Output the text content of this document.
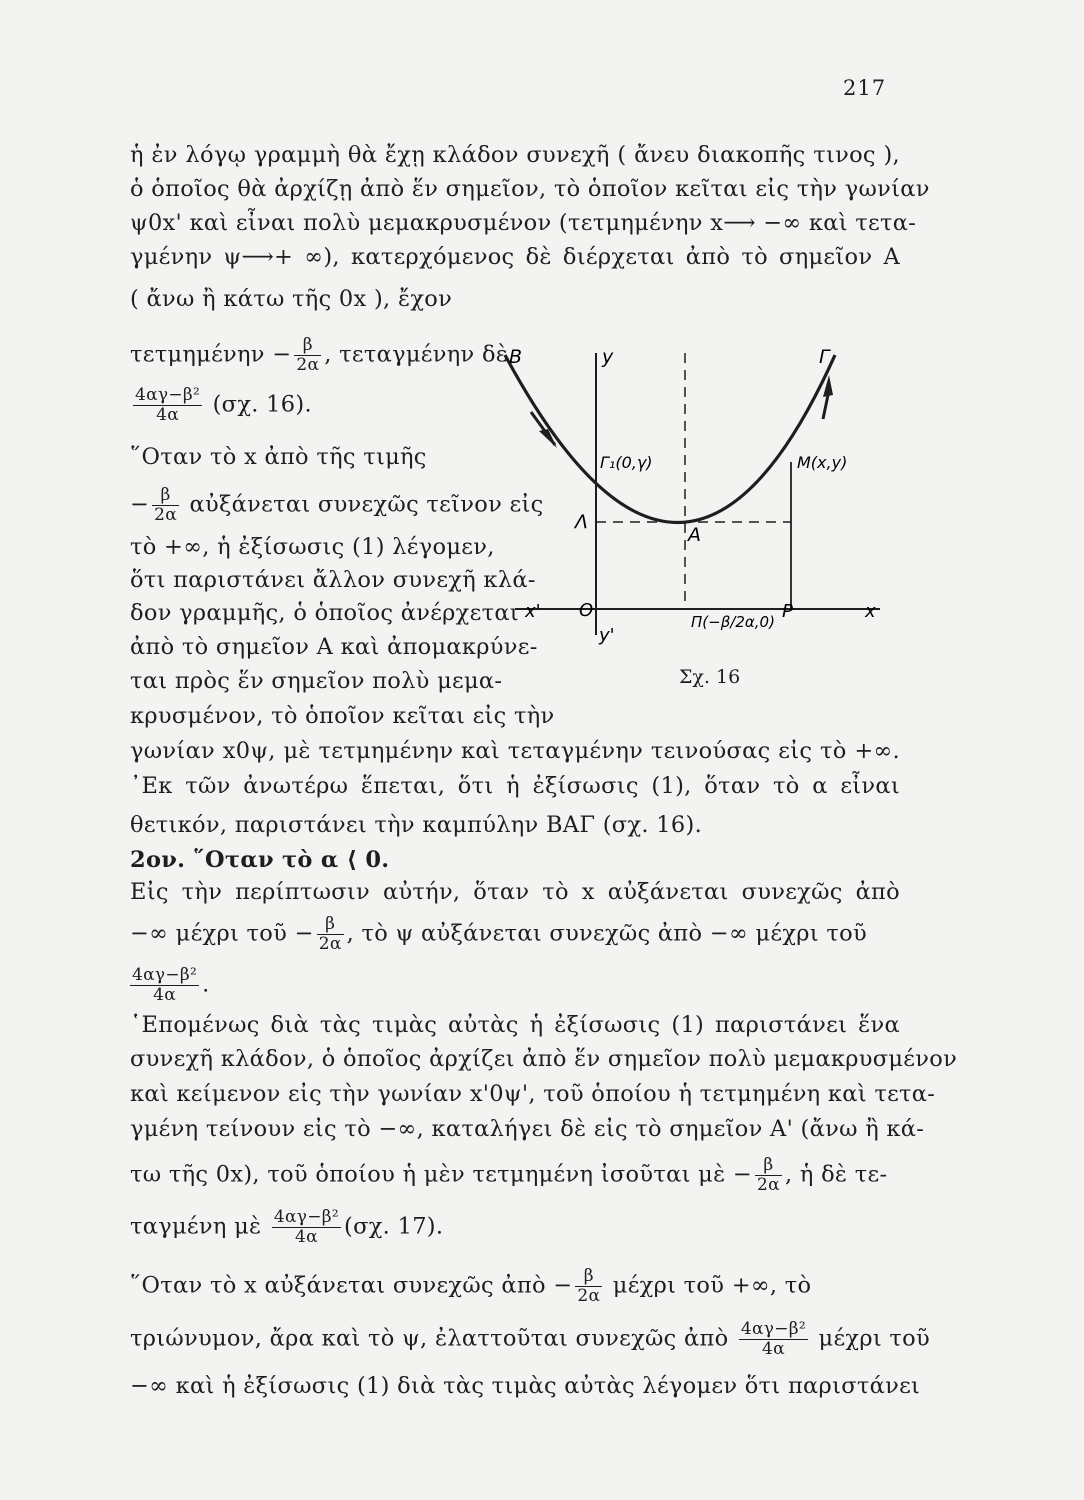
217
ἡ ἐν λόγῳ γραμμὴ θὰ ἔχῃ κλάδον συνεχῆ ( ἄνευ διακοπῆς τινος ),
ὁ ὁποῖος θὰ ἀρχίζῃ ἀπὸ ἕν σημεῖον, τὸ ὁποῖον κεῖται εἰς τὴν γωνίαν
ψ0x' καὶ εἶναι πολὺ μεμακρυσμένον (τετμημένην x⟶ −∞ καὶ τετα-
γμένην ψ⟶+ ∞), κατερχόμενος δὲ διέρχεται ἀπὸ τὸ σημεῖον Α
( ἄνω ἢ κάτω τῆς 0x ), ἔχον
$\tau\varepsilon\tau\mu\eta\mu έ\nu\eta\nu - \frac{\beta}{2\alpha}$ , τεταγμένην δὲ
$\frac{\text{4αγ−β²}}{4\alpha} (\sigma\chi$. 16).
῞Οταν τὸ x ἀπὸ τῆς τιμῆς
− $\frac{\beta}{2\alpha}$ αὐξάνεται συνεχῶς τεῖνον εἰς
τὸ +∞, ἡ ἐξίσωσις (1) λέγομεν,
ὅτι παριστάνει ἄλλον συνεχῆ κλά-
δον γραμμῆς, ὁ ὁποῖος ἀνέρχεται
ἀπὸ τὸ σημεῖον Α καὶ ἀπομακρύνε-
ται πρὸς ἕν σημεῖον πολὺ μεμα-
κρυσμένον, τὸ ὁποῖον κεῖται εἰς τὴν
γωνίαν x0ψ, μὲ τετμημένην καὶ τεταγμένην τεινούσας εἰς τὸ +∞.
᾿Εκ τῶν ἀνωτέρω ἕπεται, ὅτι ἡ ἐξίσωσις (1), ὅταν τὸ α εἶναι
θετικόν, παριστάνει τὴν καμπύλην ΒΑΓ (σχ. 16).
2ον. ῞Οταν τὸ α ⟨ 0.
Εἰς τὴν περίπτωσιν αὐτήν, ὅταν τὸ x αὐξάνεται συνεχῶς ἀπὸ
−∞ μέχρι τοῦ − $\frac{\beta}{2\alpha}$ , τὸ ψ αὐξάνεται συνεχῶς ἀπὸ −∞ μέχρι τοῦ
$\frac{\text{4αγ−β²}}{4\alpha}$ .
῾Επομένως διὰ τὰς τιμὰς αὐτὰς ἡ ἐξίσωσις (1) παριστάνει ἕνα
συνεχῆ κλάδον, ὁ ὁποῖος ἀρχίζει ἀπὸ ἕν σημεῖον πολὺ μεμακρυσμένον
καὶ κείμενον εἰς τὴν γωνίαν x'0ψ', τοῦ ὁποίου ἡ τετμημένη καὶ τετα-
γμένη τείνουν εἰς τὸ −∞, καταλήγει δὲ εἰς τὸ σημεῖον Α' (ἄνω ἢ κά-
τω τῆς 0x), τοῦ ὁποίου ἡ μὲν τετμημένη ἰσοῦται μὲ − $\frac{\beta}{2\alpha}$ , ἡ δὲ τε-
ταγμένη μὲ $\frac{\text{4αγ−β²}}{4\alpha} (\sigma\chi$. 17).
῞Οταν τὸ x αὐξάνεται συνεχῶς ἀπὸ − $\frac{\beta}{2\alpha}$ μέχρι τοῦ +∞, τὸ
τριώνυμον, ἄρα καὶ τὸ ψ, ἐλαττοῦται συνεχῶς ἀπὸ $\frac{\text{4αγ−β²}}{4\alpha}$ μέχρι τοῦ
−∞ καὶ ἡ ἐξίσωσις (1) διὰ τὰς τιμὰς αὐτὰς λέγομεν ὅτι παριστάνει
B	y	Γ
Γ₁(0,γ)	M(x,y)
Λ
A
x' O
Π(−β/2α,0) P	x
y'
Σχ. 16
